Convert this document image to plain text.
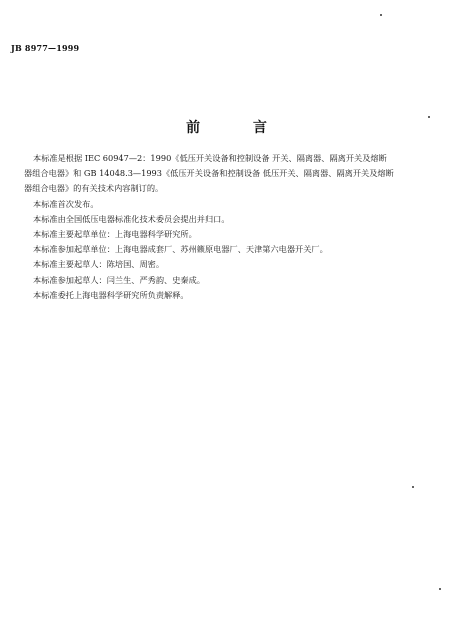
JB 8977—1999
前 言

本标准是根据 IEC 60947—2：1990《低压开关设备和控制设备 开关、隔离器、隔离开关及熔断

器组合电器》和 GB 14048.3—1993《低压开关设备和控制设备 低压开关、隔离器、隔离开关及熔断

器组合电器》的有关技术内容制订的。

本标准首次发布。

本标准由全国低压电器标准化技术委员会提出并归口。

本标准主要起草单位：上海电器科学研究所。

本标准参加起草单位：上海电器成套厂、苏州籁原电器厂、天津第六电器开关厂。

本标准主要起草人：陈培国、周密。

本标准参加起草人：闫兰生、严秀韵、史秦成。

本标准委托上海电器科学研究所负责解释。
